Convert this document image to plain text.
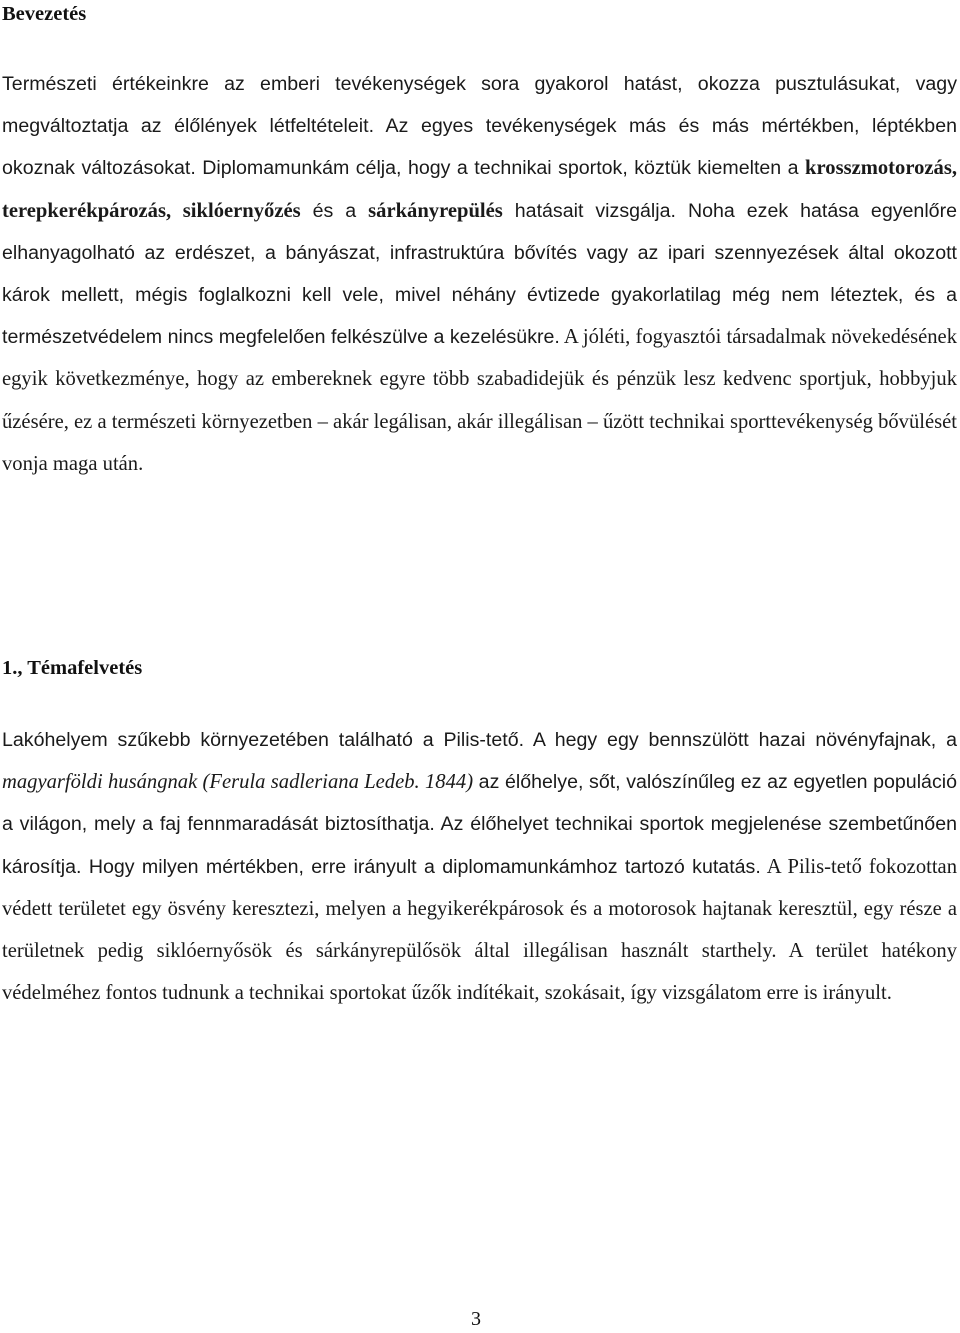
Bevezetés

Természeti értékeinkre az emberi tevékenységek sora gyakorol hatást, okozza pusztulásukat, vagy megváltoztatja az élőlények létfeltételeit. Az egyes tevékenységek más és más mértékben, léptékben okoznak változásokat. Diplomamunkám célja, hogy a technikai sportok, köztük kiemelten a krosszmotorozás, terepkerékpározás, siklóernyőzés és a sárkányrepülés hatásait vizsgálja. Noha ezek hatása egyenlőre elhanyagolható az erdészet, a bányászat, infrastruktúra bővítés vagy az ipari szennyezések által okozott károk mellett, mégis foglalkozni kell vele, mivel néhány évtizede gyakorlatilag még nem léteztek, és a természetvédelem nincs megfelelően felkészülve a kezelésükre. A jóléti, fogyasztói társadalmak növekedésének egyik következménye, hogy az embereknek egyre több szabadidejük és pénzük lesz kedvenc sportjuk, hobbyjuk űzésére, ez a természeti környezetben – akár legálisan, akár illegálisan – űzött technikai sporttevékenység bővülését vonja maga után.

1., Témafelvetés

Lakóhelyem szűkebb környezetében található a Pilis-tető. A hegy egy bennszülött hazai növényfajnak, a magyarföldi husángnak (Ferula sadleriana Ledeb. 1844) az élőhelye, sőt, valószínűleg ez az egyetlen populáció a világon, mely a faj fennmaradását biztosíthatja. Az élőhelyet technikai sportok megjelenése szembetűnően károsítja. Hogy milyen mértékben, erre irányult a diplomamunkámhoz tartozó kutatás. A Pilis-tető fokozottan védett területet egy ösvény keresztezi, melyen a hegyikerékpárosok és a motorosok hajtanak keresztül, egy része a területnek pedig siklóernyősök és sárkányrepülősök által illegálisan használt starthely. A terület hatékony védelméhez fontos tudnunk a technikai sportokat űzők indítékait, szokásait, így vizsgálatom erre is irányult.

3
